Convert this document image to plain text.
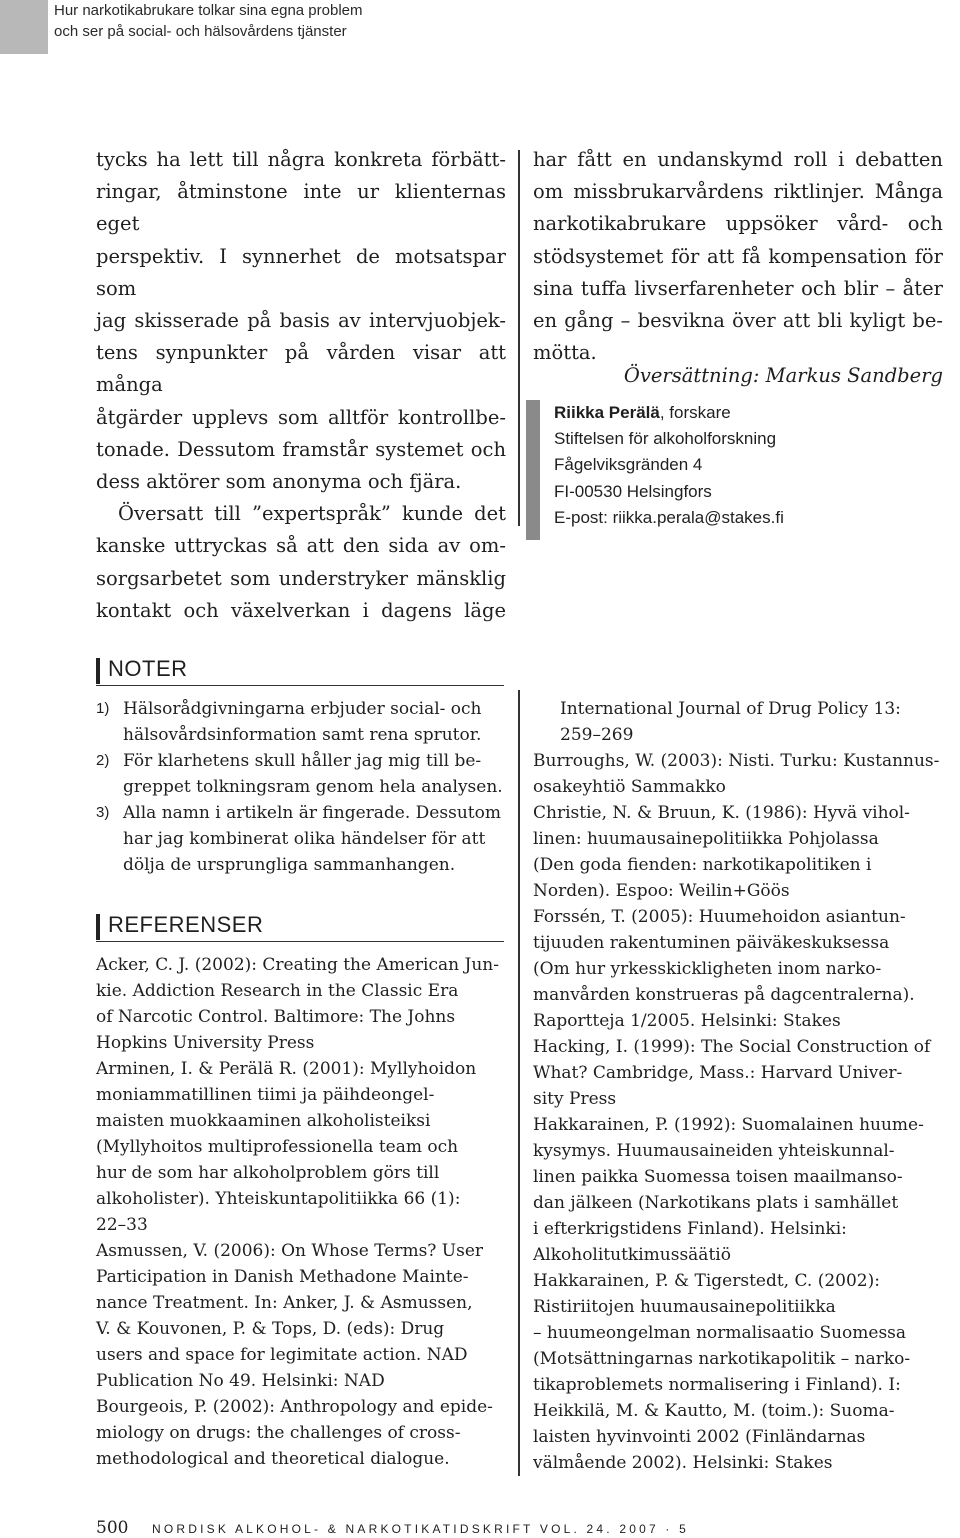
Hur narkotikabrukare tolkar sina egna problem
och ser på social- och hälsovårdens tjänster
tycks ha lett till några konkreta förbätt-
ringar, åtminstone inte ur klienternas eget
perspektiv. I synnerhet de motsatspar som
jag skisserade på basis av intervjuobjek-
tens synpunkter på vården visar att många
åtgärder upplevs som alltför kontrollbe-
tonade. Dessutom framstår systemet och
dess aktörer som anonyma och fjära.
Översatt till ”expertspråk” kunde det
kanske uttryckas så att den sida av om-
sorgsarbetet som understryker mänsklig
kontakt och växelverkan i dagens läge
har fått en undanskymd roll i debatten
om missbrukarvårdens riktlinjer. Många
narkotikabrukare uppsöker vård- och
stödsystemet för att få kompensation för
sina tuffa livserfarenheter och blir – åter
en gång – besvikna över att bli kyligt be-
mötta.
Översättning: Markus Sandberg
Riikka Perälä, forskare
Stiftelsen för alkoholforskning
Fågelviksgränden 4
FI-00530 Helsingfors
E-post: riikka.perala@stakes.fi
NOTER
1) Hälsorådgivningarna erbjuder social- och
hälsovårdsinformation samt rena sprutor.
2) För klarhetens skull håller jag mig till be-
greppet tolkningsram genom hela analysen.
3) Alla namn i artikeln är fingerade. Dessutom
har jag kombinerat olika händelser för att
dölja de ursprungliga sammanhangen.
REFERENSER
Acker, C. J. (2002): Creating the American Jun-
kie. Addiction Research in the Classic Era
of Narcotic Control. Baltimore: The Johns
Hopkins University Press
Arminen, I. & Perälä R. (2001): Myllyhoidon
moniammatillinen tiimi ja päihdeongel-
maisten muokkaaminen alkoholisteiksi
(Myllyhoitos multiprofessionella team och
hur de som har alkoholproblem görs till
alkoholister). Yhteiskuntapolitiikka 66 (1):
22–33
Asmussen, V. (2006): On Whose Terms? User
Participation in Danish Methadone Mainte-
nance Treatment. In: Anker, J. & Asmussen,
V. & Kouvonen, P. & Tops, D. (eds): Drug
users and space for legimitate action. NAD
Publication No 49. Helsinki: NAD
Bourgeois, P. (2002): Anthropology and epide-
miology on drugs: the challenges of cross-
methodological and theoretical dialogue.
International Journal of Drug Policy 13:
259–269
Burroughs, W. (2003): Nisti. Turku: Kustannus-
osakeyhtiö Sammakko
Christie, N. & Bruun, K. (1986): Hyvä vihol-
linen: huumausainepolitiikka Pohjolassa
(Den goda fienden: narkotikapolitiken i
Norden). Espoo: Weilin+Göös
Forssén, T. (2005): Huumehoidon asiantun-
tijuuden rakentuminen päiväkeskuksessa
(Om hur yrkesskickligheten inom narko-
manvården konstrueras på dagcentralerna).
Raportteja 1/2005. Helsinki: Stakes
Hacking, I. (1999): The Social Construction of
What? Cambridge, Mass.: Harvard Univer-
sity Press
Hakkarainen, P. (1992): Suomalainen huume-
kysymys. Huumausaineiden yhteiskunnal-
linen paikka Suomessa toisen maailmanso-
dan jälkeen (Narkotikans plats i samhället
i efterkrigstidens Finland). Helsinki:
Alkoholitutkimussäätiö
Hakkarainen, P. & Tigerstedt, C. (2002):
Ristiriitojen huumausainepolitiikka
– huumeongelman normalisaatio Suomessa
(Motsättningarnas narkotikapolitik – narko-
tikaproblemets normalisering i Finland). I:
Heikkilä, M. & Kautto, M. (toim.): Suoma-
laisten hyvinvointi 2002 (Finländarnas
välmående 2002). Helsinki: Stakes
500 NORDISK ALKOHOL- & NARKOTIKATIDSKRIFT VOL. 24. 2007 · 5
